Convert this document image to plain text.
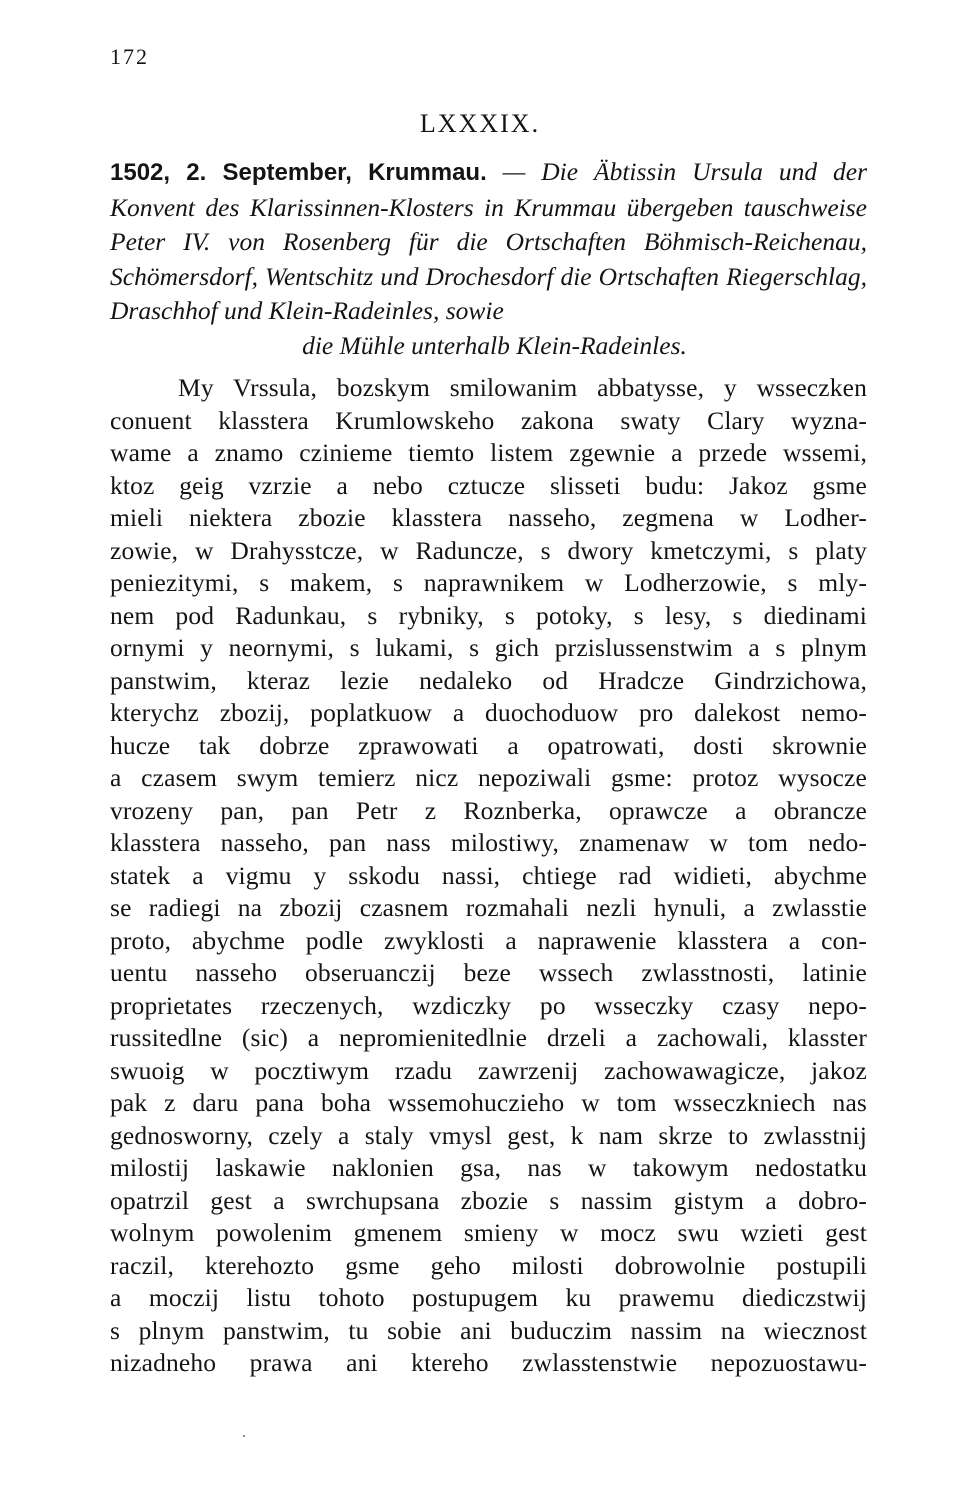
172
LXXXIX.
1502, 2. September, Krummau. — Die Äbtissin Ursula und der Konvent des Klarissinnen-Klosters in Krummau übergeben tauschweise Peter IV. von Rosenberg für die Ortschaften Böhmisch-Reichenau, Schömersdorf, Wentschitz und Drochesdorf die Ortschaften Riegerschlag, Draschhof und Klein-Radeinles, sowie
die Mühle unterhalb Klein-Radeinles.
My Vrssula, bozskym smilowanim abbatysse, y wsseczken
conuent klasstera Krumlowskeho zakona swaty Clary wyzna-
wame a znamo czinieme tiemto listem zgewnie a przede wssemi,
ktoz geig vzrzie a nebo cztucze slisseti budu: Jakoz gsme
mieli niektera zbozie klasstera nasseho, zegmena w Lodher-
zowie, w Drahysstcze, w Raduncze, s dwory kmetczymi, s platy
peniezitymi, s makem, s naprawnikem w Lodherzowie, s mly-
nem pod Radunkau, s rybniky, s potoky, s lesy, s diedinami
ornymi y neornymi, s lukami, s gich przislussenstwim a s plnym
panstwim, kteraz lezie nedaleko od Hradcze Gindrzichowa,
kterychz zbozij, poplatkuow a duochoduow pro dalekost nemo-
hucze tak dobrze zprawowati a opatrowati, dosti skrownie
a czasem swym temierz nicz nepoziwali gsme: protoz wysocze
vrozeny pan, pan Petr z Roznberka, oprawcze a obrancze
klasstera nasseho, pan nass milostiwy, znamenaw w tom nedo-
statek a vigmu y sskodu nassi, chtiege rad widieti, abychme
se radiegi na zbozij czasnem rozmahali nezli hynuli, a zwlasstie
proto, abychme podle zwyklosti a naprawenie klasstera a con-
uentu nasseho obseruanczij beze wssech zwlasstnosti, latinie
proprietates rzeczenych, wzdiczky po wsseczky czasy nepo-
russitedlne (sic) a nepromienitedlnie drzeli a zachowali, klasster
swuoig w pocztiwym rzadu zawrzenij zachowawagicze, jakoz
pak z daru pana boha wssemohuczieho w tom wsseczkniech nas
gednoswornу, czely a staly vmysl gest, k nam skrze to zwlasstnij
milostij laskawie naklonien gsa, nas w takowym nedostatku
opatrzil gest a swrchupsana zbozie s nassim gistym a dobro-
wolnym powolenim gmenem smieny w mocz swu wzieti gest
raczil, kterehozto gsme geho milosti dobrowolnie postupili
a moczij listu tohoto postupugem ku prawemu diediczstwij
s plnym panstwim, tu sobie ani buduczim nassim na wiecznost
nizadneho prawa ani ktereho zwlasstenstwie nepozuostawu-
